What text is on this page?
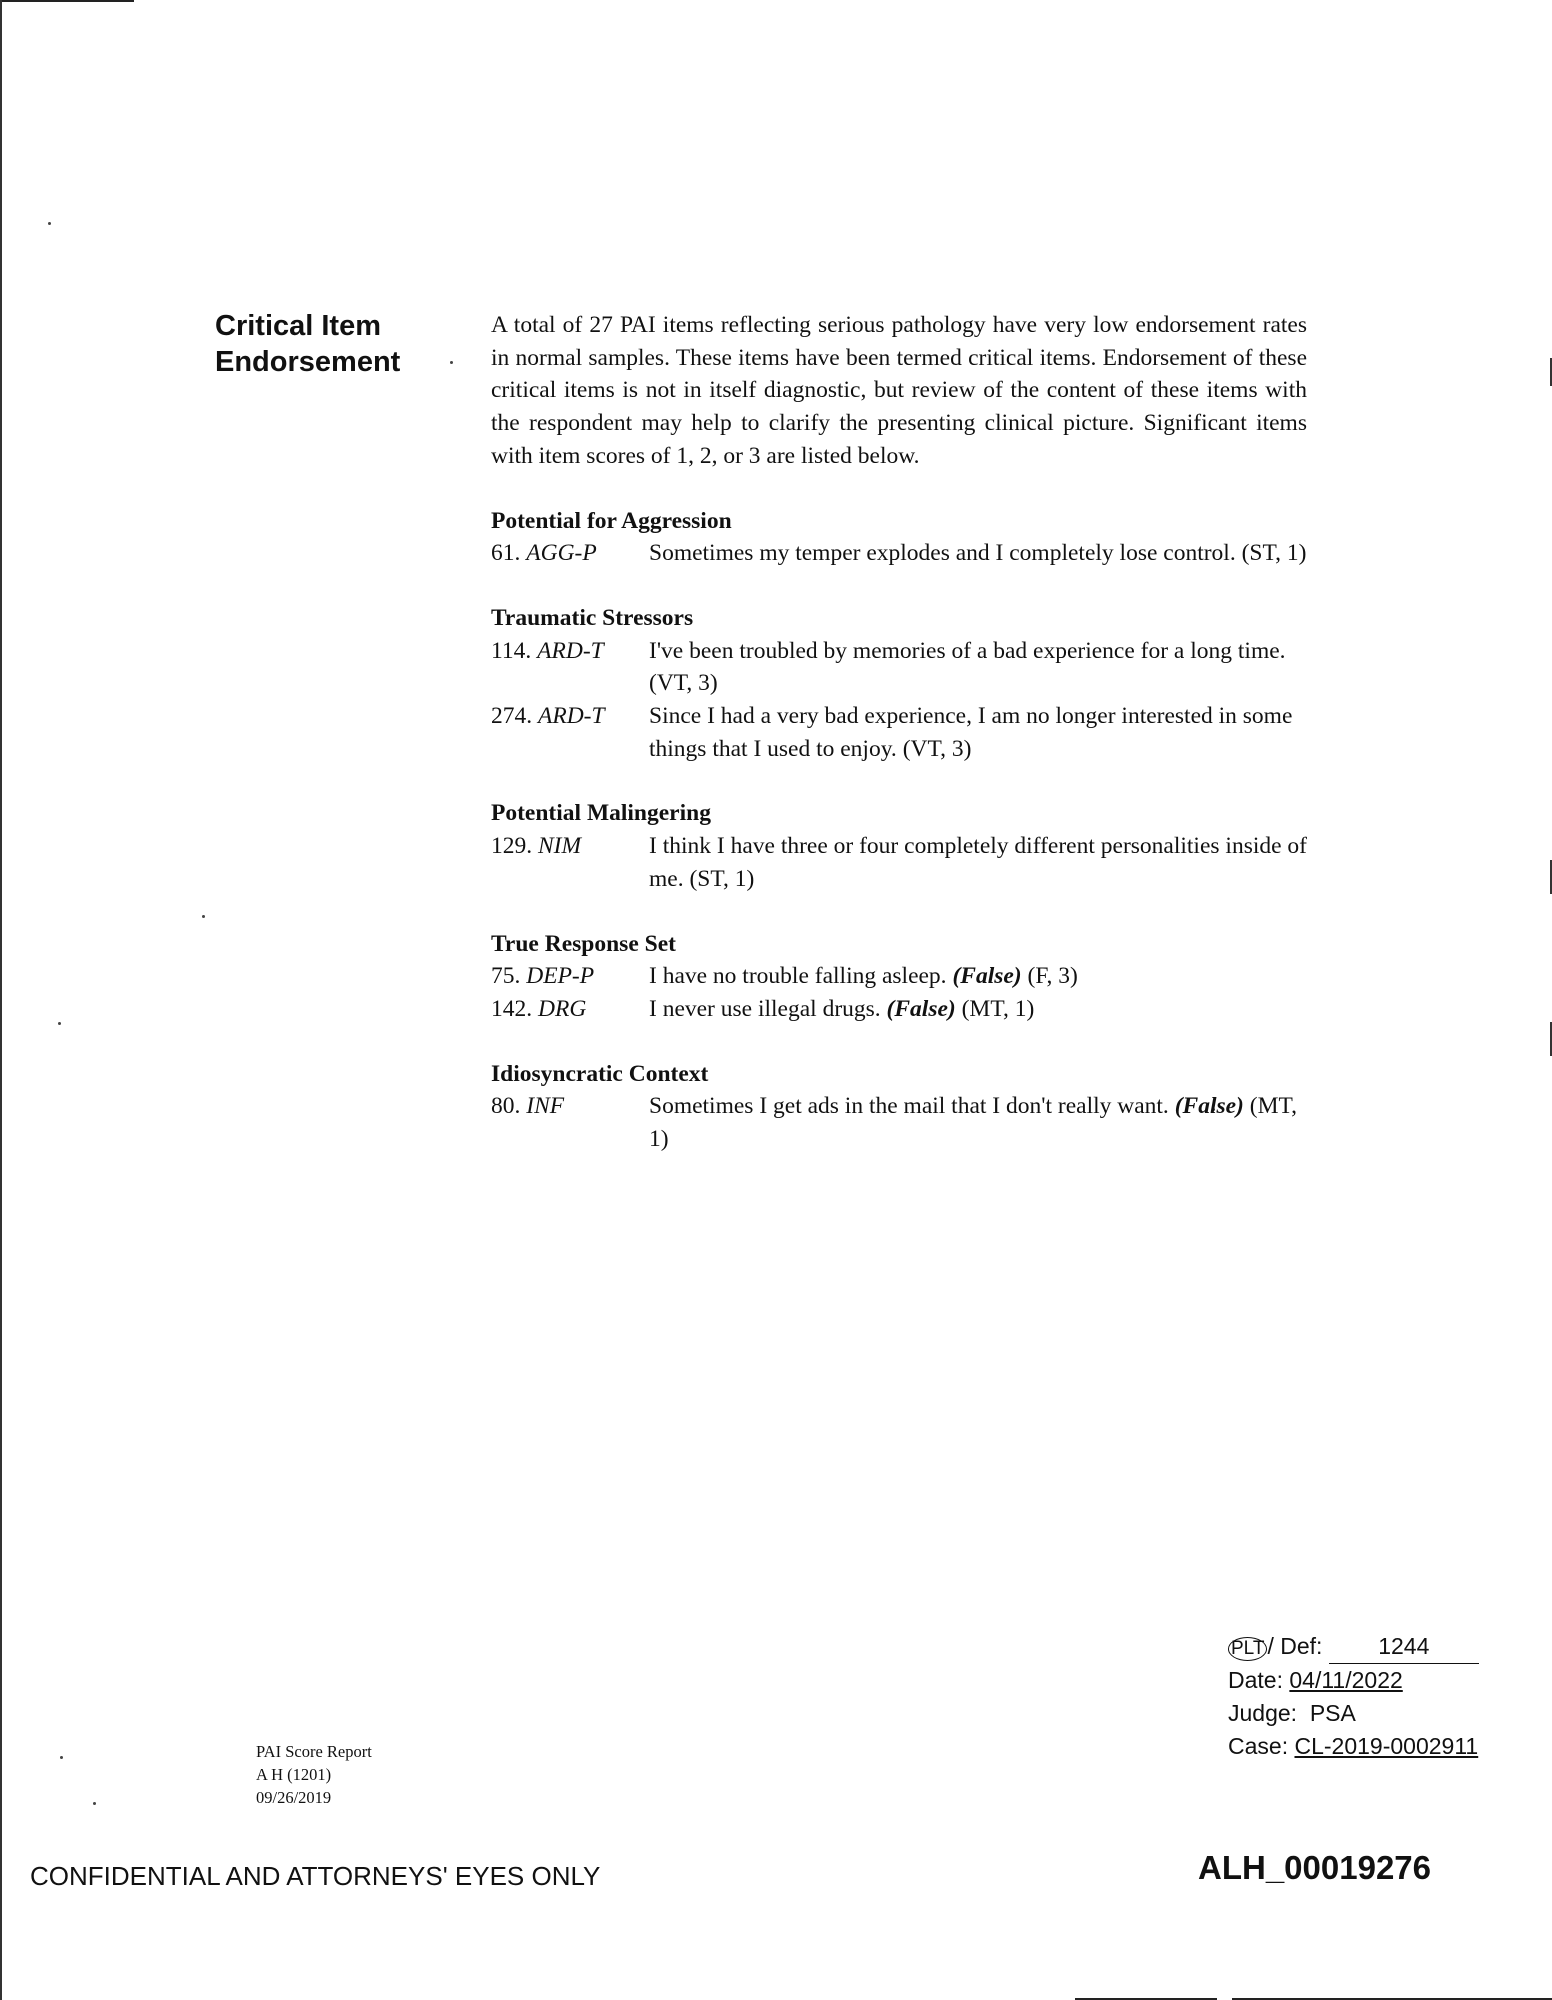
Critical Item
Endorsement

A total of 27 PAI items reflecting serious pathology have very low endorsement rates in normal samples. These items have been termed critical items. Endorsement of these critical items is not in itself diagnostic, but review of the content of these items with the respondent may help to clarify the presenting clinical picture. Significant items with item scores of 1, 2, or 3 are listed below.

Potential for Aggression

61. AGG-P	Sometimes my temper explodes and I completely lose control. (ST, 1)

Traumatic Stressors

114. ARD-T	I've been troubled by memories of a bad experience for a long time. (VT, 3)
274. ARD-T	Since I had a very bad experience, I am no longer interested in some things that I used to enjoy. (VT, 3)

Potential Malingering

129. NIM	I think I have three or four completely different personalities inside of me. (ST, 1)

True Response Set

75. DEP-P	I have no trouble falling asleep. (False) (F, 3)
142. DRG	I never use illegal drugs. (False) (MT, 1)

Idiosyncratic Context

80. INF	Sometimes I get ads in the mail that I don't really want. (False) (MT, 1)
PAI Score Report
A H (1201)
09/26/2019
PLT / Def: 1244
Date: 04/11/2022
Judge: PSA
Case: CL-2019-0002911
CONFIDENTIAL AND ATTORNEYS' EYES ONLY	ALH_00019276
